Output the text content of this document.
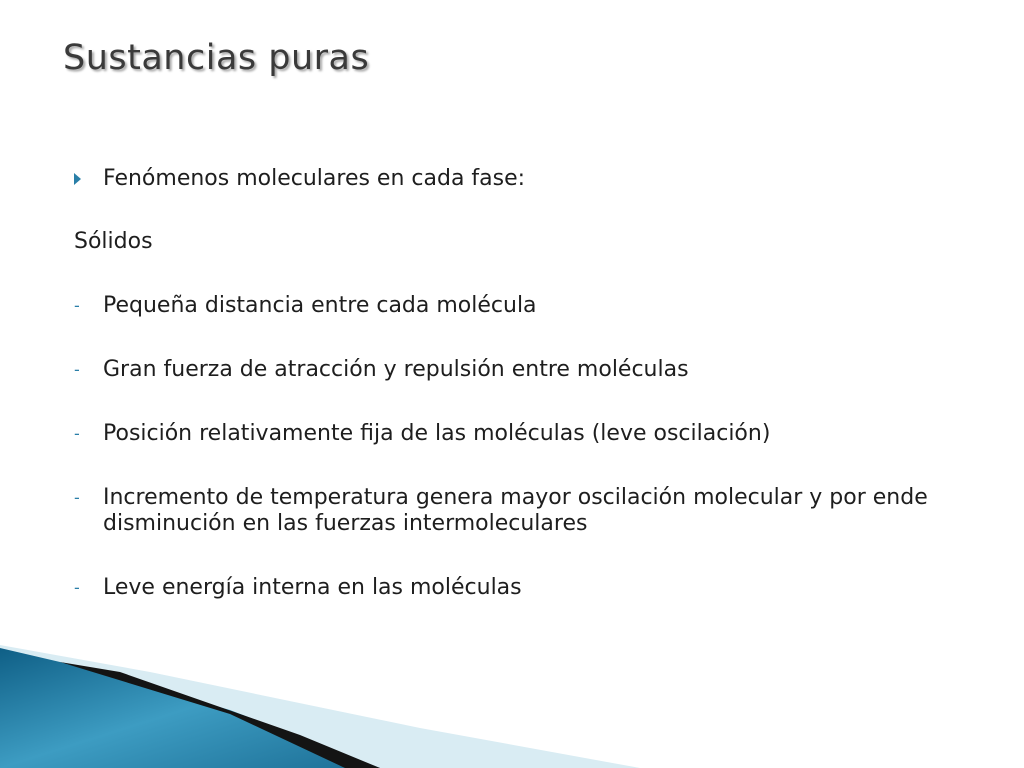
Sustancias puras
Fenómenos moleculares en cada fase:
Sólidos
- Pequeña distancia entre cada molécula
- Gran fuerza de atracción y repulsión entre moléculas
- Posición relativamente fija de las moléculas (leve oscilación)
- Incremento de temperatura genera mayor oscilación molecular y por ende disminución en las fuerzas intermoleculares
- Leve energía interna en las moléculas
